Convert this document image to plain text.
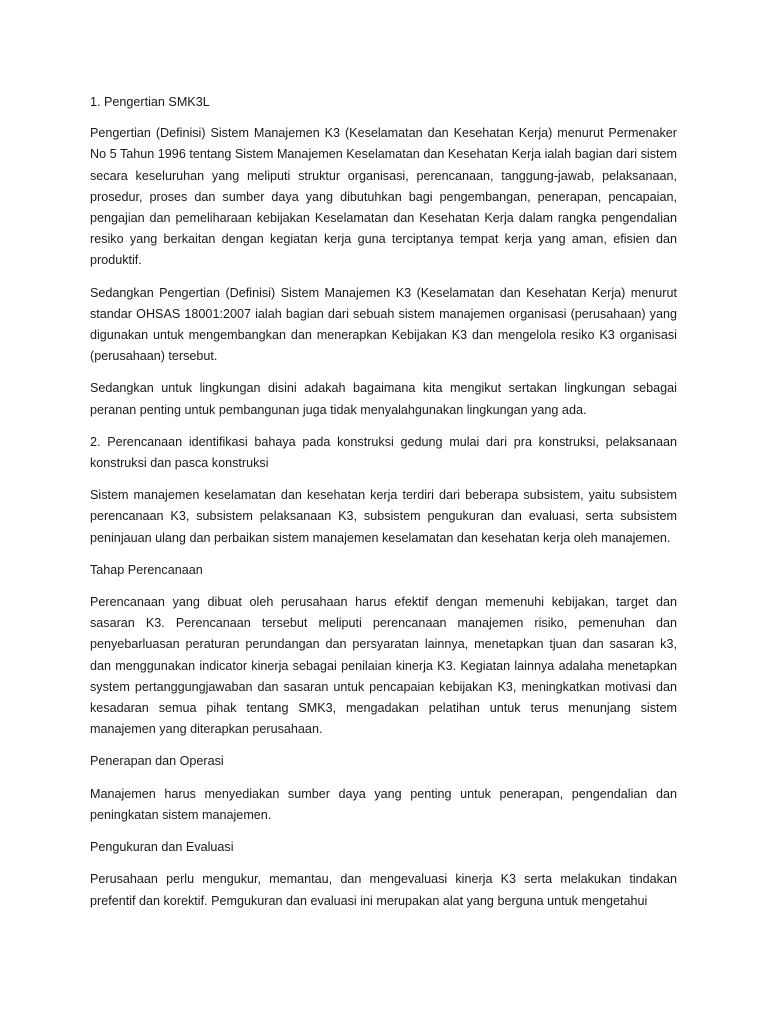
1. Pengertian SMK3L

Pengertian (Definisi) Sistem Manajemen K3 (Keselamatan dan Kesehatan Kerja) menurut Permenaker No 5 Tahun 1996 tentang Sistem Manajemen Keselamatan dan Kesehatan Kerja ialah bagian dari sistem secara keseluruhan yang meliputi struktur organisasi, perencanaan, tanggung-jawab, pelaksanaan, prosedur, proses dan sumber daya yang dibutuhkan bagi pengembangan, penerapan, pencapaian, pengajian dan pemeliharaan kebijakan Keselamatan dan Kesehatan Kerja dalam rangka pengendalian resiko yang berkaitan dengan kegiatan kerja guna terciptanya tempat kerja yang aman, efisien dan produktif.

Sedangkan Pengertian (Definisi) Sistem Manajemen K3 (Keselamatan dan Kesehatan Kerja) menurut standar OHSAS 18001:2007 ialah bagian dari sebuah sistem manajemen organisasi (perusahaan) yang digunakan untuk mengembangkan dan menerapkan Kebijakan K3 dan mengelola resiko K3 organisasi (perusahaan) tersebut.

Sedangkan untuk lingkungan disini adakah bagaimana kita mengikut sertakan lingkungan sebagai peranan penting untuk pembangunan juga tidak menyalahgunakan lingkungan yang ada.

2. Perencanaan identifikasi bahaya pada konstruksi gedung mulai dari pra konstruksi, pelaksanaan konstruksi dan pasca konstruksi

Sistem manajemen keselamatan dan kesehatan kerja terdiri dari beberapa subsistem, yaitu subsistem perencanaan K3, subsistem pelaksanaan K3, subsistem pengukuran dan evaluasi, serta subsistem peninjauan ulang dan perbaikan sistem manajemen keselamatan dan kesehatan kerja oleh manajemen.

Tahap Perencanaan

Perencanaan yang dibuat oleh perusahaan harus efektif dengan memenuhi kebijakan, target dan sasaran K3. Perencanaan tersebut meliputi perencanaan manajemen risiko, pemenuhan dan penyebarluasan peraturan perundangan dan persyaratan lainnya, menetapkan tjuan dan sasaran k3, dan menggunakan indicator kinerja sebagai penilaian kinerja K3. Kegiatan lainnya adalaha menetapkan system pertanggungjawaban dan sasaran untuk pencapaian kebijakan K3, meningkatkan motivasi dan kesadaran semua pihak tentang SMK3, mengadakan pelatihan untuk terus menunjang sistem manajemen yang diterapkan perusahaan.

Penerapan dan Operasi

Manajemen harus menyediakan sumber daya yang penting untuk penerapan, pengendalian dan peningkatan sistem manajemen.

Pengukuran dan Evaluasi

Perusahaan perlu mengukur, memantau, dan mengevaluasi kinerja K3 serta melakukan tindakan prefentif dan korektif. Pemgukuran dan evaluasi ini merupakan alat yang berguna untuk mengetahui
